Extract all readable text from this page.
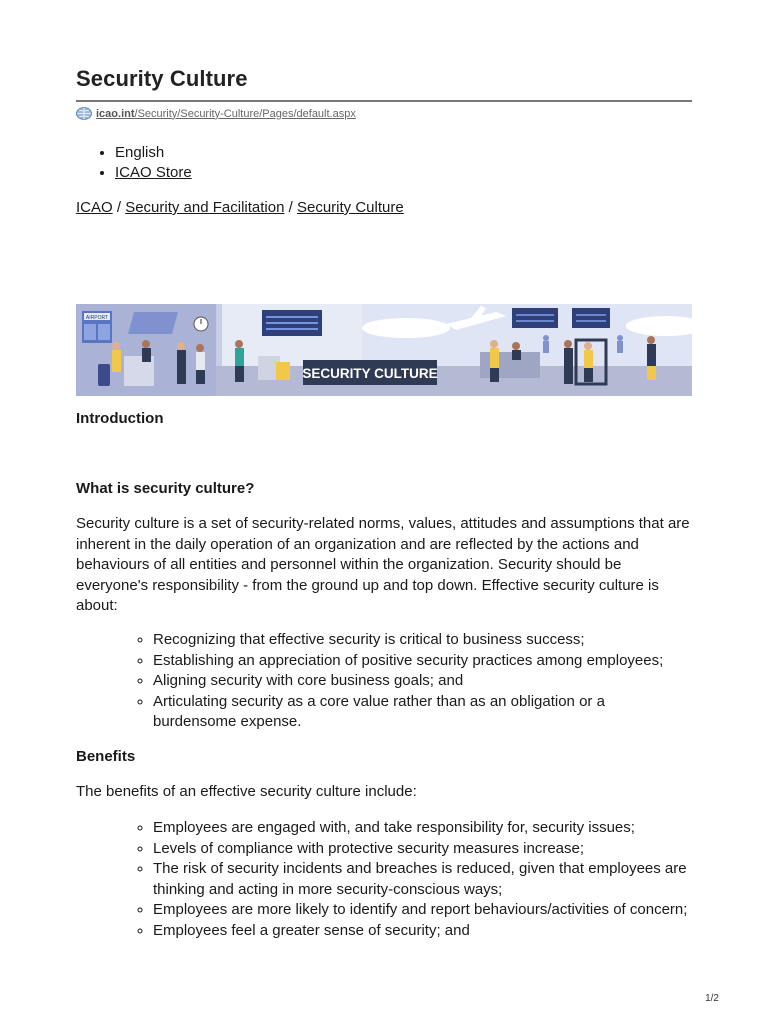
Security Culture
icao.int/Security/Security-Culture/Pages/default.aspx
• English
• ICAO Store
ICAO / Security and Facilitation / Security Culture
AIRPORT
SECURITY CULTURE
Introduction
What is security culture?

Security culture is a set of security-related norms, values, attitudes and assumptions that are inherent in the daily operation of an organization and are reflected by the actions and behaviours of all entities and personnel within the organization. Security should be everyone's responsibility - from the ground up and top down. Effective security culture is about:

◦ Recognizing that effective security is critical to business success;
◦ Establishing an appreciation of positive security practices among employees;
◦ Aligning security with core business goals; and
◦ Articulating security as a core value rather than as an obligation or a burdensome expense.
Benefits

The benefits of an effective security culture include:

◦ Employees are engaged with, and take responsibility for, security issues;
◦ Levels of compliance with protective security measures increase;
◦ The risk of security incidents and breaches is reduced, given that employees are thinking and acting in more security-conscious ways;
◦ Employees are more likely to identify and report behaviours/activities of concern;
◦ Employees feel a greater sense of security; and
1/2
